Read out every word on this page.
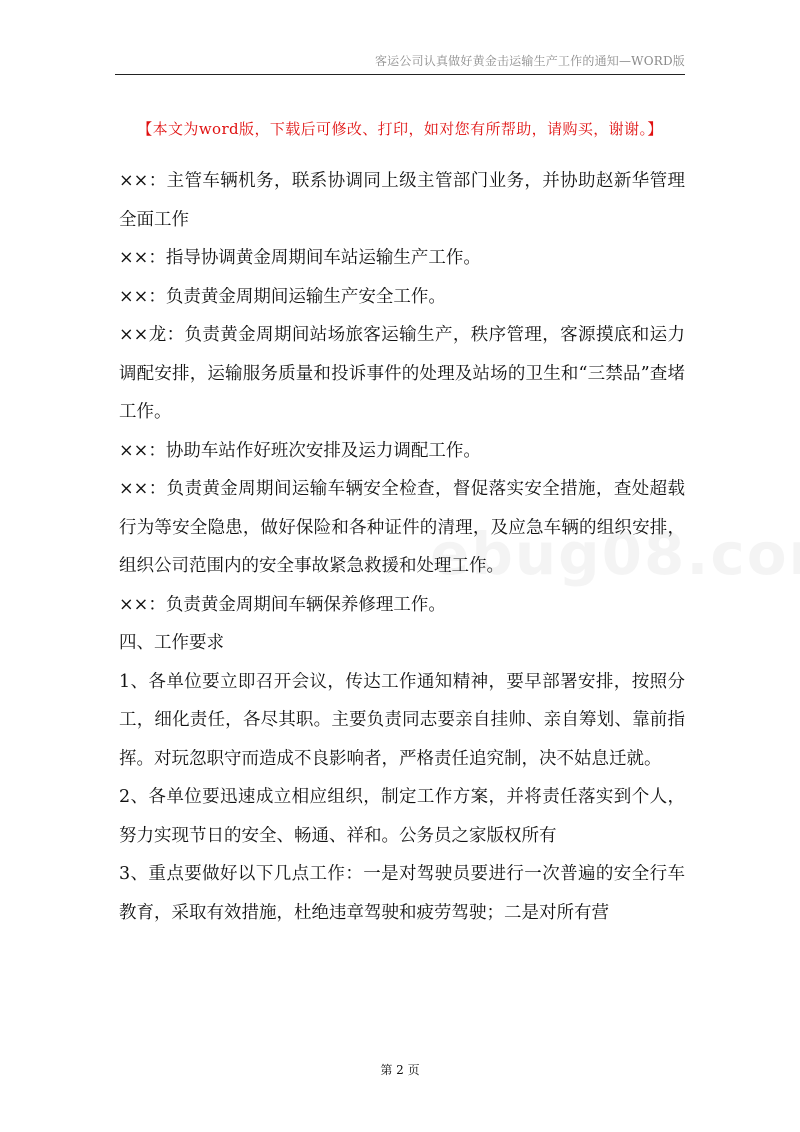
客运公司认真做好黄金击运输生产工作的通知—WORD版
【本文为word版，下载后可修改、打印，如对您有所帮助，请购买，谢谢。】

××：主管车辆机务，联系协调同上级主管部门业务，并协助赵新华管理全面工作

××：指导协调黄金周期间车站运输生产工作。

××：负责黄金周期间运输生产安全工作。

××龙：负责黄金周期间站场旅客运输生产，秩序管理，客源摸底和运力调配安排，运输服务质量和投诉事件的处理及站场的卫生和“三禁品”查堵工作。

××：协助车站作好班次安排及运力调配工作。

××：负责黄金周期间运输车辆安全检查，督促落实安全措施，查处超载行为等安全隐患，做好保险和各种证件的清理，及应急车辆的组织安排，组织公司范围内的安全事故紧急救援和处理工作。

××：负责黄金周期间车辆保养修理工作。

四、工作要求

1、各单位要立即召开会议，传达工作通知精神，要早部署安排，按照分工，细化责任，各尽其职。主要负责同志要亲自挂帅、亲自筹划、靠前指挥。对玩忽职守而造成不良影响者，严格责任追究制，决不姑息迁就。

2、各单位要迅速成立相应组织，制定工作方案，并将责任落实到个人，努力实现节日的安全、畅通、祥和。公务员之家版权所有

3、重点要做好以下几点工作：一是对驾驶员要进行一次普遍的安全行车教育，采取有效措施，杜绝违章驾驶和疲劳驾驶；二是对所有营

第 2 页
